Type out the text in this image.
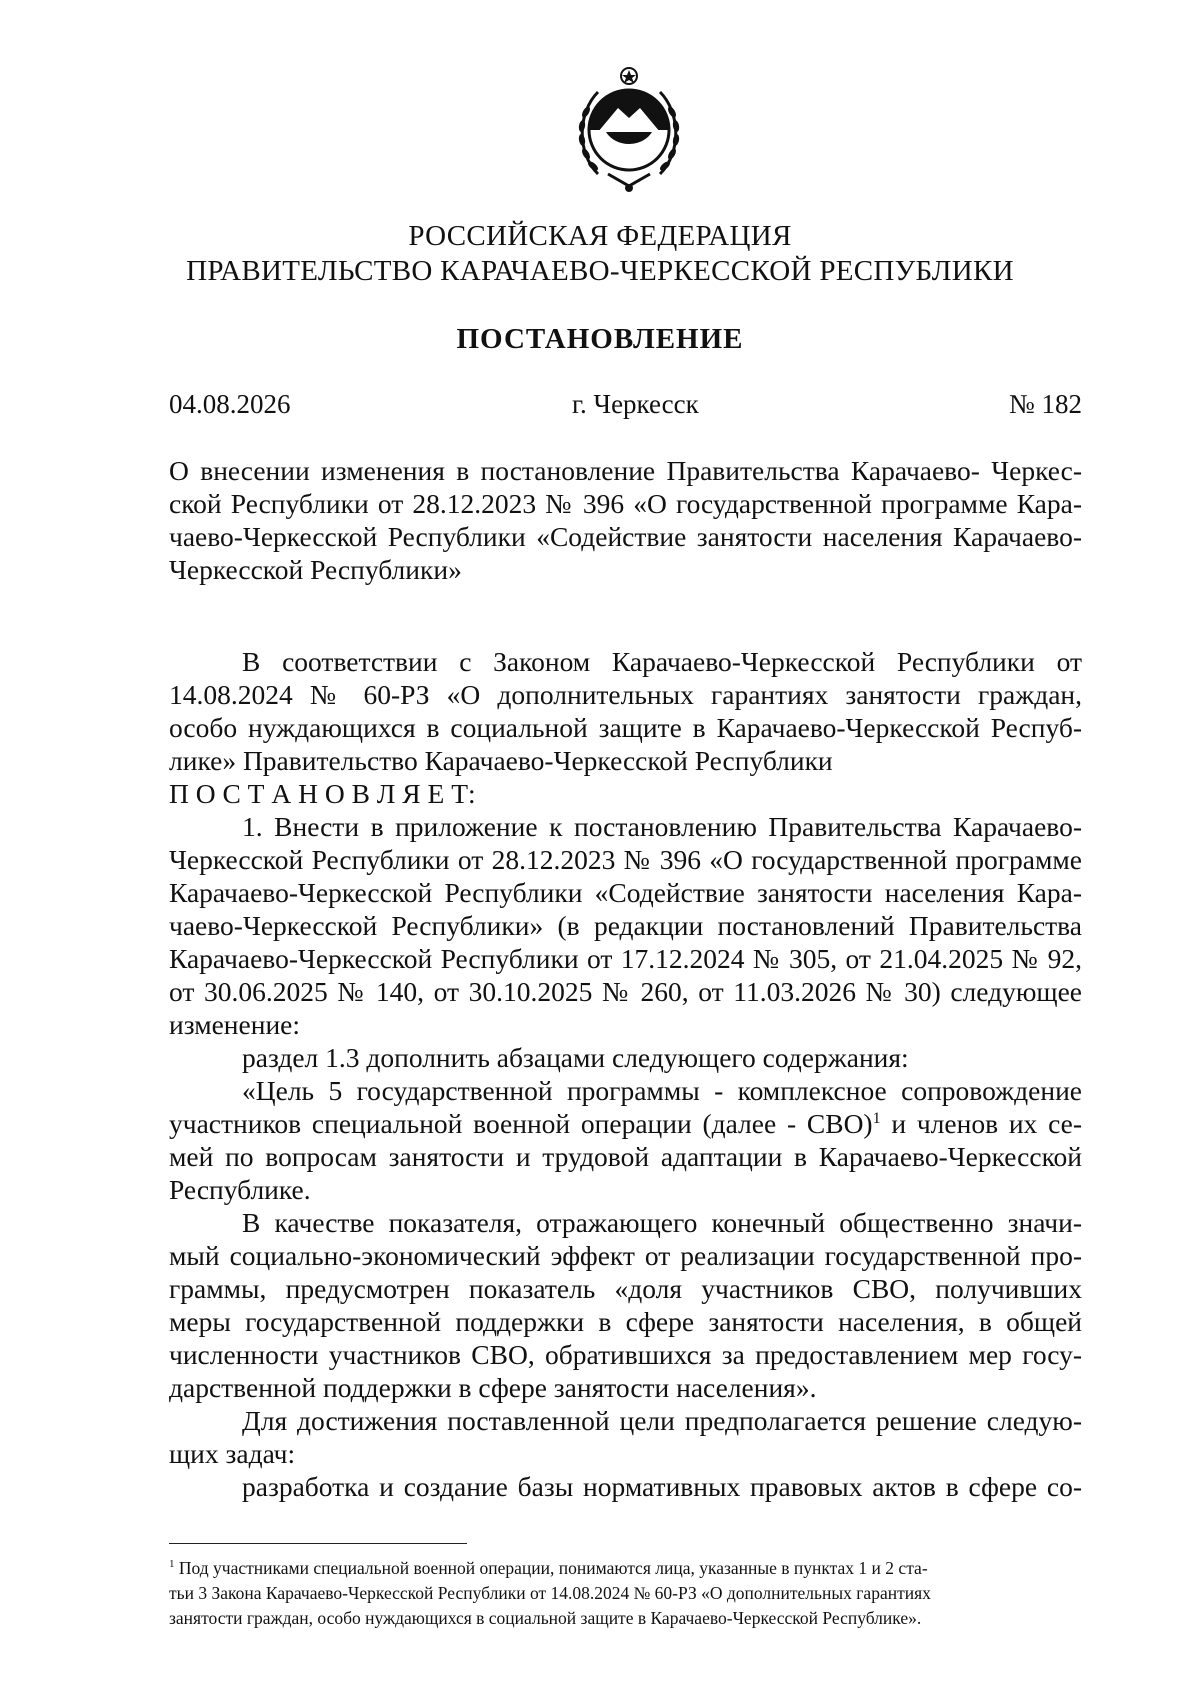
РОССИЙСКАЯ ФЕДЕРАЦИЯ
ПРАВИТЕЛЬСТВО КАРАЧАЕВО-ЧЕРКЕССКОЙ РЕСПУБЛИКИ
ПОСТАНОВЛЕНИЕ
04.08.2026	г. Черкесск	№ 182
О внесении изменения в постановление Правительства Карачаево- Черкес-
ской Республики от 28.12.2023 № 396 «О государственной программе Кара-
чаево-Черкесской Республики «Содействие занятости населения Карачаево-
Черкесской Республики»
В соответствии с Законом Карачаево-Черкесской Республики от
14.08.2024 № 60-РЗ «О дополнительных гарантиях занятости граждан,
особо нуждающихся в социальной защите в Карачаево-Черкесской Респуб-
лике» Правительство Карачаево-Черкесской Республики
П О С Т А Н О В Л Я Е Т:
1. Внести в приложение к постановлению Правительства Карачаево-
Черкесской Республики от 28.12.2023 № 396 «О государственной программе
Карачаево-Черкесской Республики «Содействие занятости населения Кара-
чаево-Черкесской Республики» (в редакции постановлений Правительства
Карачаево-Черкесской Республики от 17.12.2024 № 305, от 21.04.2025 № 92,
от 30.06.2025 № 140, от 30.10.2025 № 260, от 11.03.2026 № 30) следующее
изменение:
раздел 1.3 дополнить абзацами следующего содержания:
«Цель 5 государственной программы - комплексное сопровождение
участников специальной военной операции (далее - СВО)$^1$ и членов их се-
мей по вопросам занятости и трудовой адаптации в Карачаево-Черкесской
Республике.
В качестве показателя, отражающего конечный общественно значи-
мый социально-экономический эффект от реализации государственной про-
граммы, предусмотрен показатель «доля участников СВО, получивших
меры государственной поддержки в сфере занятости населения, в общей
численности участников СВО, обратившихся за предоставлением мер госу-
дарственной поддержки в сфере занятости населения».
Для достижения поставленной цели предполагается решение следую-
щих задач:
разработка и создание базы нормативных правовых актов в сфере со-
$^1$ Под участниками специальной военной операции, понимаются лица, указанные в пунктах 1 и 2 ста-
тьи 3 Закона Карачаево-Черкесской Республики от 14.08.2024 № 60-РЗ «О дополнительных гарантиях
занятости граждан, особо нуждающихся в социальной защите в Карачаево-Черкесской Республике».
